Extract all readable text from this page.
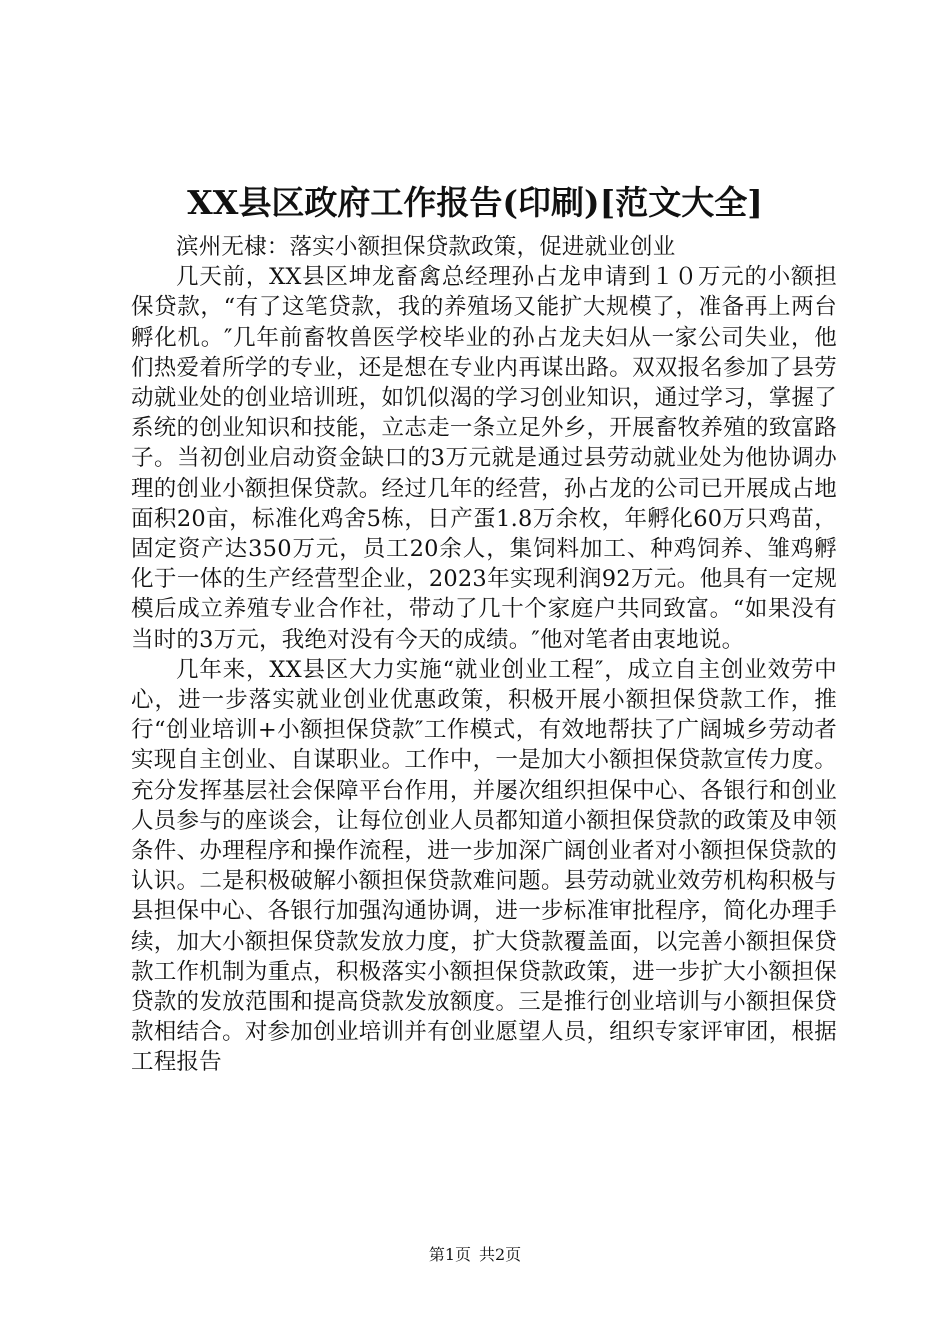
XX县区政府工作报告(印刷)[范文大全]

滨州无棣：落实小额担保贷款政策，促进就业创业

几天前，XX县区坤龙畜禽总经理孙占龙申请到１０万元的小额担保贷款，“有了这笔贷款，我的养殖场又能扩大规模了，准备再上两台孵化机。″几年前畜牧兽医学校毕业的孙占龙夫妇从一家公司失业，他们热爱着所学的专业，还是想在专业内再谋出路。双双报名参加了县劳动就业处的创业培训班，如饥似渴的学习创业知识，通过学习，掌握了系统的创业知识和技能，立志走一条立足外乡，开展畜牧养殖的致富路子。当初创业启动资金缺口的3万元就是通过县劳动就业处为他协调办理的创业小额担保贷款。经过几年的经营，孙占龙的公司已开展成占地面积20亩，标准化鸡舍5栋，日产蛋1.8万余枚，年孵化60万只鸡苗，固定资产达350万元，员工20余人，集饲料加工、种鸡饲养、雏鸡孵化于一体的生产经营型企业，2023年实现利润92万元。他具有一定规模后成立养殖专业合作社，带动了几十个家庭户共同致富。“如果没有当时的3万元，我绝对没有今天的成绩。″他对笔者由衷地说。

几年来，XX县区大力实施“就业创业工程″，成立自主创业效劳中心，进一步落实就业创业优惠政策，积极开展小额担保贷款工作，推行“创业培训+小额担保贷款″工作模式，有效地帮扶了广阔城乡劳动者实现自主创业、自谋职业。工作中，一是加大小额担保贷款宣传力度。充分发挥基层社会保障平台作用，并屡次组织担保中心、各银行和创业人员参与的座谈会，让每位创业人员都知道小额担保贷款的政策及申领条件、办理程序和操作流程，进一步加深广阔创业者对小额担保贷款的认识。二是积极破解小额担保贷款难问题。县劳动就业效劳机构积极与县担保中心、各银行加强沟通协调，进一步标准审批程序，简化办理手续，加大小额担保贷款发放力度，扩大贷款覆盖面，以完善小额担保贷款工作机制为重点，积极落实小额担保贷款政策，进一步扩大小额担保贷款的发放范围和提高贷款发放额度。三是推行创业培训与小额担保贷款相结合。对参加创业培训并有创业愿望人员，组织专家评审团，根据工程报告

第1页 共2页
